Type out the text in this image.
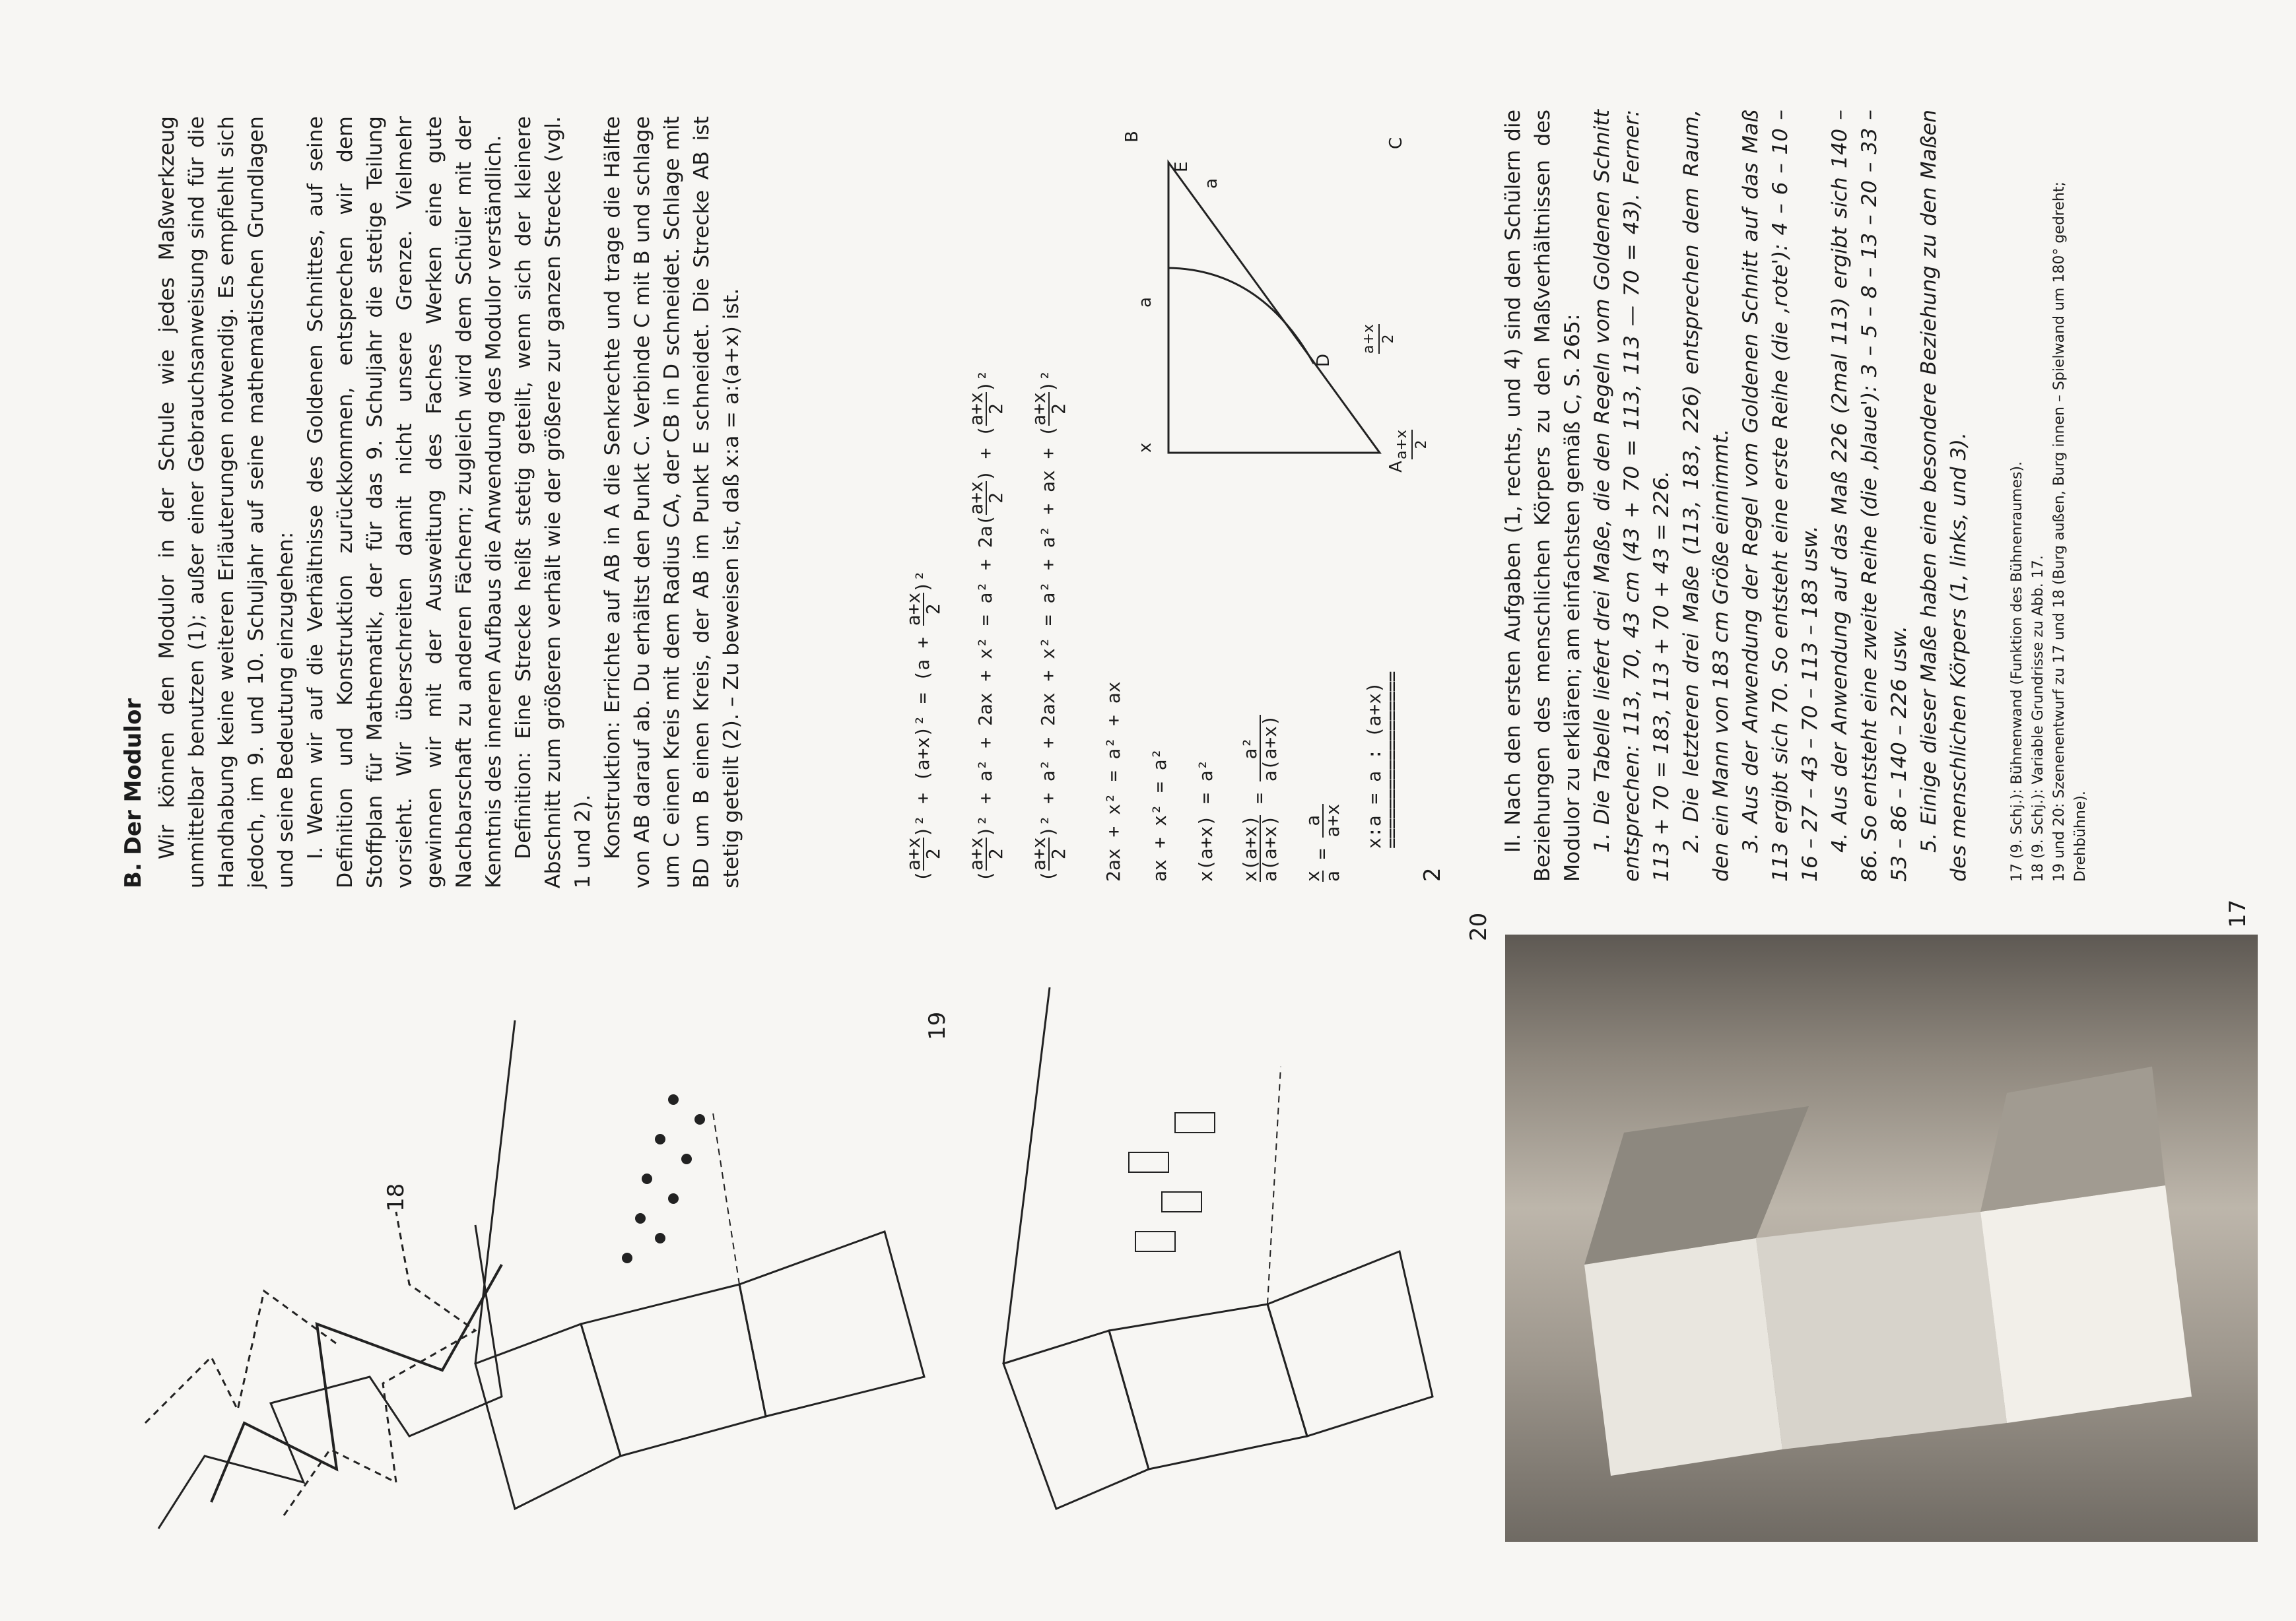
B. Der Modulor Wir können den Modulor in der Schule wie jedes Maßwerkzeug unmittelbar benutzen (1); außer einer Gebrauchsanweisung sind für die Handhabung keine weiteren Erläuterungen notwendig. Es empfiehlt sich jedoch, im 9. und 10. Schuljahr auf seine mathematischen Grundlagen und seine Bedeutung einzugehen: I. Wenn wir auf die Verhältnisse des Goldenen Schnittes, auf seine Definition und Konstruktion zurückkommen, entsprechen wir dem Stoffplan für Mathematik, der für das 9. Schuljahr die stetige Teilung vorsieht. Wir überschreiten damit nicht unsere Grenze. Vielmehr gewinnen wir mit der Ausweitung des Faches Werken eine gute Nachbarschaft zu anderen Fächern; zugleich wird dem Schüler mit der Kenntnis des inneren Aufbaus die Anwendung des Modulor verständlich. Definition: Eine Strecke heißt stetig geteilt, wenn sich der kleinere Abschnitt zum größeren verhält wie der größere zur ganzen Strecke (vgl. 1 und 2). Konstruktion: Errichte auf AB in A die Senkrechte und trage die Hälfte von AB darauf ab. Du erhältst den Punkt C. Verbinde C mit B und schlage um C einen Kreis mit dem Radius CA, der CB in D schneidet. Schlage mit BD um B einen Kreis, der AB im Punkt E schneidet. Die Strecke AB ist stetig geteilt (2). – Zu beweisen ist, daß x:a = a:(a+x) ist.	(
a+x
2
)² + (a+x)² = (a +
a+x
2
)²
(
a+x
2
)² + a² + 2ax + x² = a² + 2a(
a+x
2
) + (
a+x
2
)²
(
a+x
2
)² + a² + 2ax + x² = a² + a² + ax + (
a+x
2
)²
2ax + x² = a² + ax ax + x² = a² x(a+x) = a² x(a+x)
a(a+x)
=
a²
a(a+x)
x
a
=
a
a+x x:a = a : (a+x)
==================
2
E
B
A
C
D
a
a
x	a+x 2
a+x 2	II. Nach den ersten Aufgaben (1, rechts, und 4) sind den Schülern die Beziehungen des menschlichen Körpers zu den Maßverhältnissen des Modulor zu erklären; am einfachsten gemäß C, S. 265: 1. Die Tabelle liefert drei Maße, die den Regeln vom Goldenen Schnitt entsprechen: 113, 70, 43 cm (43 + 70 = 113, 113 — 70 = 43). Ferner: 113 + 70 = 183, 113 + 70 + 43 = 226. 2. Die letzteren drei Maße (113, 183, 226) entsprechen dem Raum, den ein Mann von 183 cm Größe einnimmt. 3. Aus der Anwendung der Regel vom Goldenen Schnitt auf das Maß 113 ergibt sich 70. So entsteht eine erste Reihe (die ‚rote'): 4 – 6 – 10 – 16 – 27 – 43 – 70 – 113 – 183 usw. 4. Aus der Anwendung auf das Maß 226 (2mal 113) ergibt sich 140 – 86. So entsteht eine zweite Reihe (die ‚blaue'): 3 – 5 – 8 – 13 – 20 – 33 – 53 – 86 – 140 – 226 usw. 5. Einige dieser Maße haben eine besondere Beziehung zu den Maßen des menschlichen Körpers (1, links, und 3).	17 (9. Schj.): Bühnenwand (Funktion des Bühnenraumes). 18 (9. Schj.): Variable Grundrisse zu Abb. 17. 19 und 20: Szenenentwurf zu 17 und 18 (Burg außen, Burg innen – Spielwand um 180° gedreht; Drehbühne).
18
19
20	17
